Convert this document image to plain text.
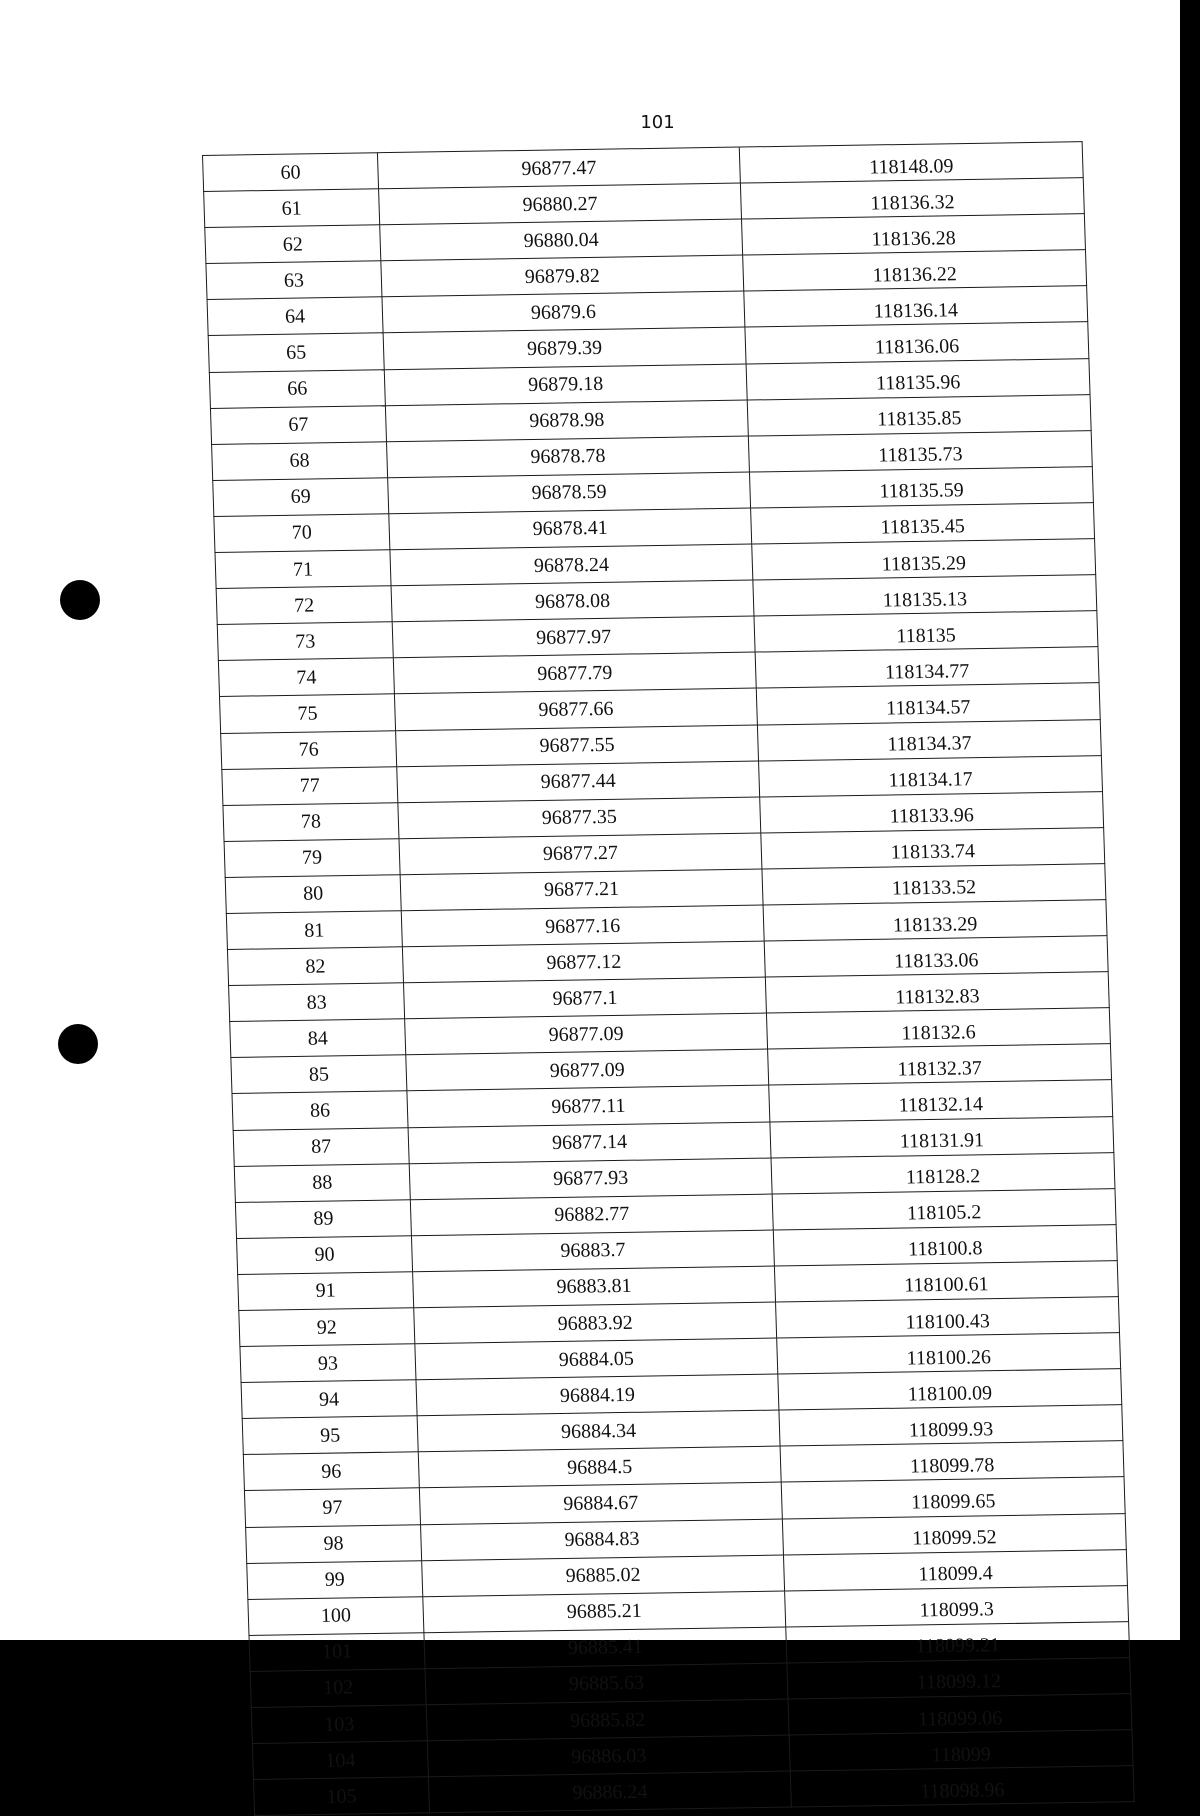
101
60	96877.47	118148.09
61	96880.27	118136.32
62	96880.04	118136.28
63	96879.82	118136.22
64	96879.6	118136.14
65	96879.39	118136.06
66	96879.18	118135.96
67	96878.98	118135.85
68	96878.78	118135.73
69	96878.59	118135.59
70	96878.41	118135.45
71	96878.24	118135.29
72	96878.08	118135.13
73	96877.97	118135
74	96877.79	118134.77
75	96877.66	118134.57
76	96877.55	118134.37
77	96877.44	118134.17
78	96877.35	118133.96
79	96877.27	118133.74
80	96877.21	118133.52
81	96877.16	118133.29
82	96877.12	118133.06
83	96877.1	118132.83
84	96877.09	118132.6
85	96877.09	118132.37
86	96877.11	118132.14
87	96877.14	118131.91
88	96877.93	118128.2
89	96882.77	118105.2
90	96883.7	118100.8
91	96883.81	118100.61
92	96883.92	118100.43
93	96884.05	118100.26
94	96884.19	118100.09
95	96884.34	118099.93
96	96884.5	118099.78
97	96884.67	118099.65
98	96884.83	118099.52
99	96885.02	118099.4
100	96885.21	118099.3
101	96885.41	118099.21
102	96885.63	118099.12
103	96885.82	118099.06
104	96886.03	118099
105	96886.24	118098.96
